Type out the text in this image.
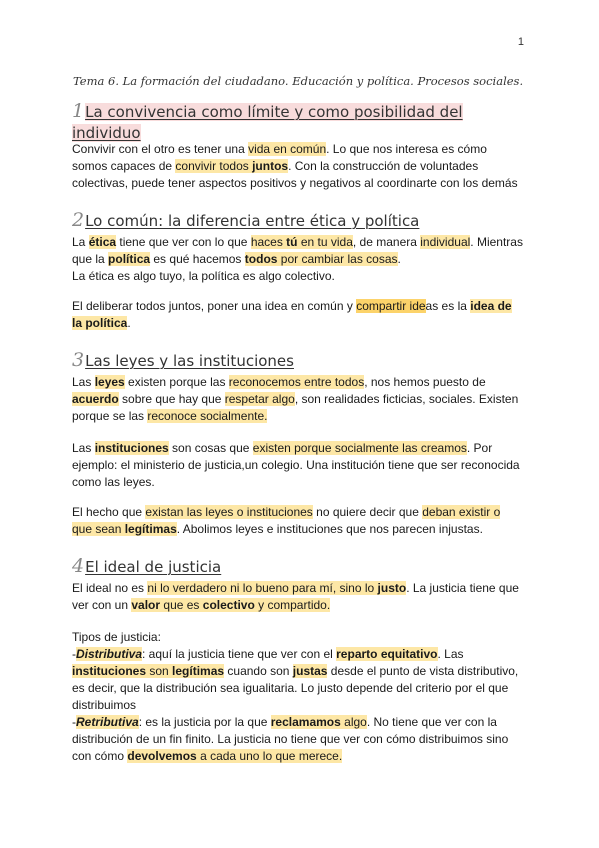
1
Tema 6. La formación del ciudadano. Educación y política. Procesos sociales.
1La convivencia como límite y como posibilidad del
individuo
Convivir con el otro es tener una vida en común. Lo que nos interesa es cómo
somos capaces de convivir todos juntos. Con la construcción de voluntades
colectivas, puede tener aspectos positivos y negativos al coordinarte con los demás
2Lo común: la diferencia entre ética y política
La ética tiene que ver con lo que haces tú en tu vida, de manera individual. Mientras
que la política es qué hacemos todos por cambiar las cosas.
La ética es algo tuyo, la política es algo colectivo.
El deliberar todos juntos, poner una idea en común y compartir ideas es la idea de
la política.
3Las leyes y las instituciones
Las leyes existen porque las reconocemos entre todos, nos hemos puesto de
acuerdo sobre que hay que respetar algo, son realidades ficticias, sociales. Existen
porque se las reconoce socialmente.
Las instituciones son cosas que existen porque socialmente las creamos. Por
ejemplo: el ministerio de justicia,un colegio. Una institución tiene que ser reconocida
como las leyes.
El hecho que existan las leyes o instituciones no quiere decir que deban existir o
que sean legítimas. Abolimos leyes e instituciones que nos parecen injustas.
4El ideal de justicia
El ideal no es ni lo verdadero ni lo bueno para mí, sino lo justo. La justicia tiene que
ver con un valor que es colectivo y compartido.
Tipos de justicia:
-Distributiva: aquí la justicia tiene que ver con el reparto equitativo. Las
instituciones son legítimas cuando son justas desde el punto de vista distributivo,
es decir, que la distribución sea igualitaria. Lo justo depende del criterio por el que
distribuimos
-Retributiva: es la justicia por la que reclamamos algo. No tiene que ver con la
distribución de un fin finito. La justicia no tiene que ver con cómo distribuimos sino
con cómo devolvemos a cada uno lo que merece.
